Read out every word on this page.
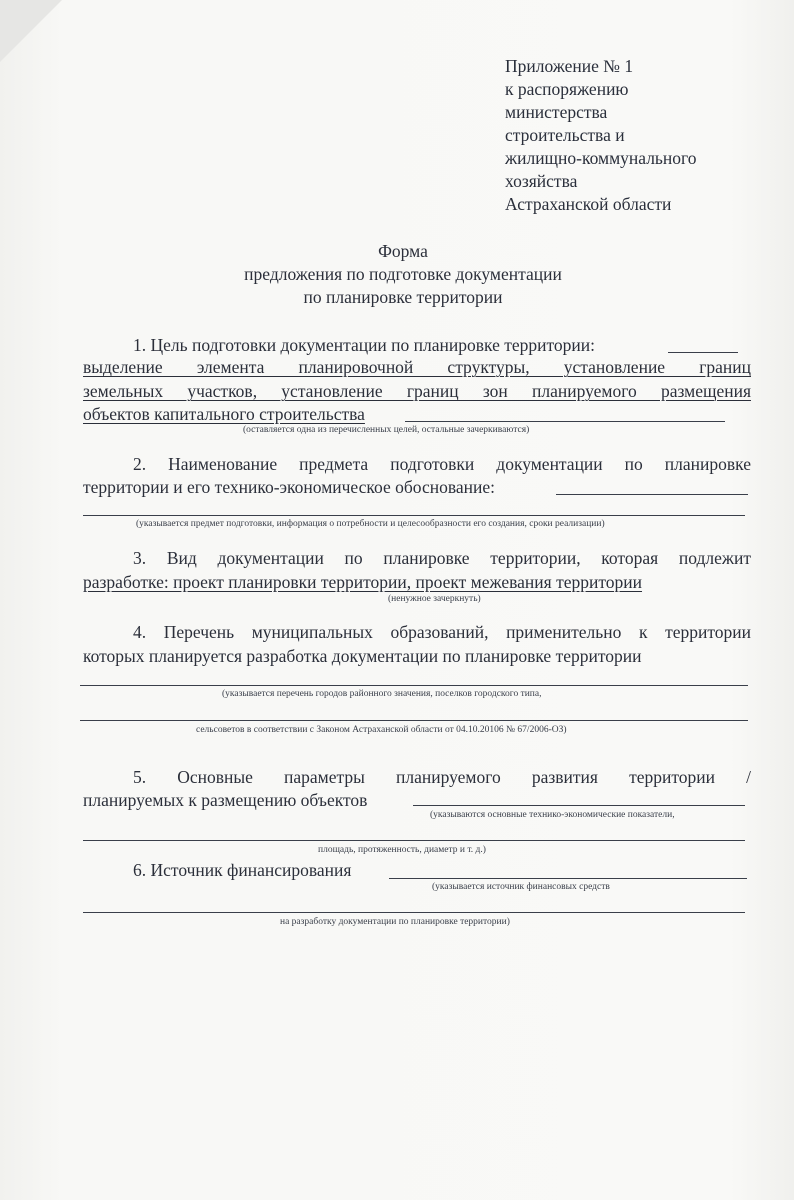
Приложение № 1
к распоряжению
министерства
строительства и
жилищно-коммунального
хозяйства
Астраханской области
Форма
предложения по подготовке документации
по планировке территории
1. Цель подготовки документации по планировке территории:
выделение элемента планировочной структуры, установление границ
земельных участков, установление границ зон планируемого размещения
объектов капитального строительства
(оставляется одна из перечисленных целей, остальные зачеркиваются)
2. Наименование предмета подготовки документации по планировке
территории и его технико-экономическое обоснование:
(указывается предмет подготовки, информация о потребности и целесообразности его создания, сроки реализации)
3. Вид документации по планировке территории, которая подлежит
разработке: проект планировки территории, проект межевания территории
(ненужное зачеркнуть)
4. Перечень муниципальных образований, применительно к территории
которых планируется разработка документации по планировке территории
(указывается перечень городов районного значения, поселков городского типа,
сельсоветов в соответствии с Законом Астраханской области от 04.10.20106 № 67/2006-ОЗ)
5. Основные параметры планируемого развития территории /
планируемых к размещению объектов
(указываются основные технико-экономические показатели,
площадь, протяженность, диаметр и т. д.)
6. Источник финансирования
(указывается источник финансовых средств
на разработку документации по планировке территории)
